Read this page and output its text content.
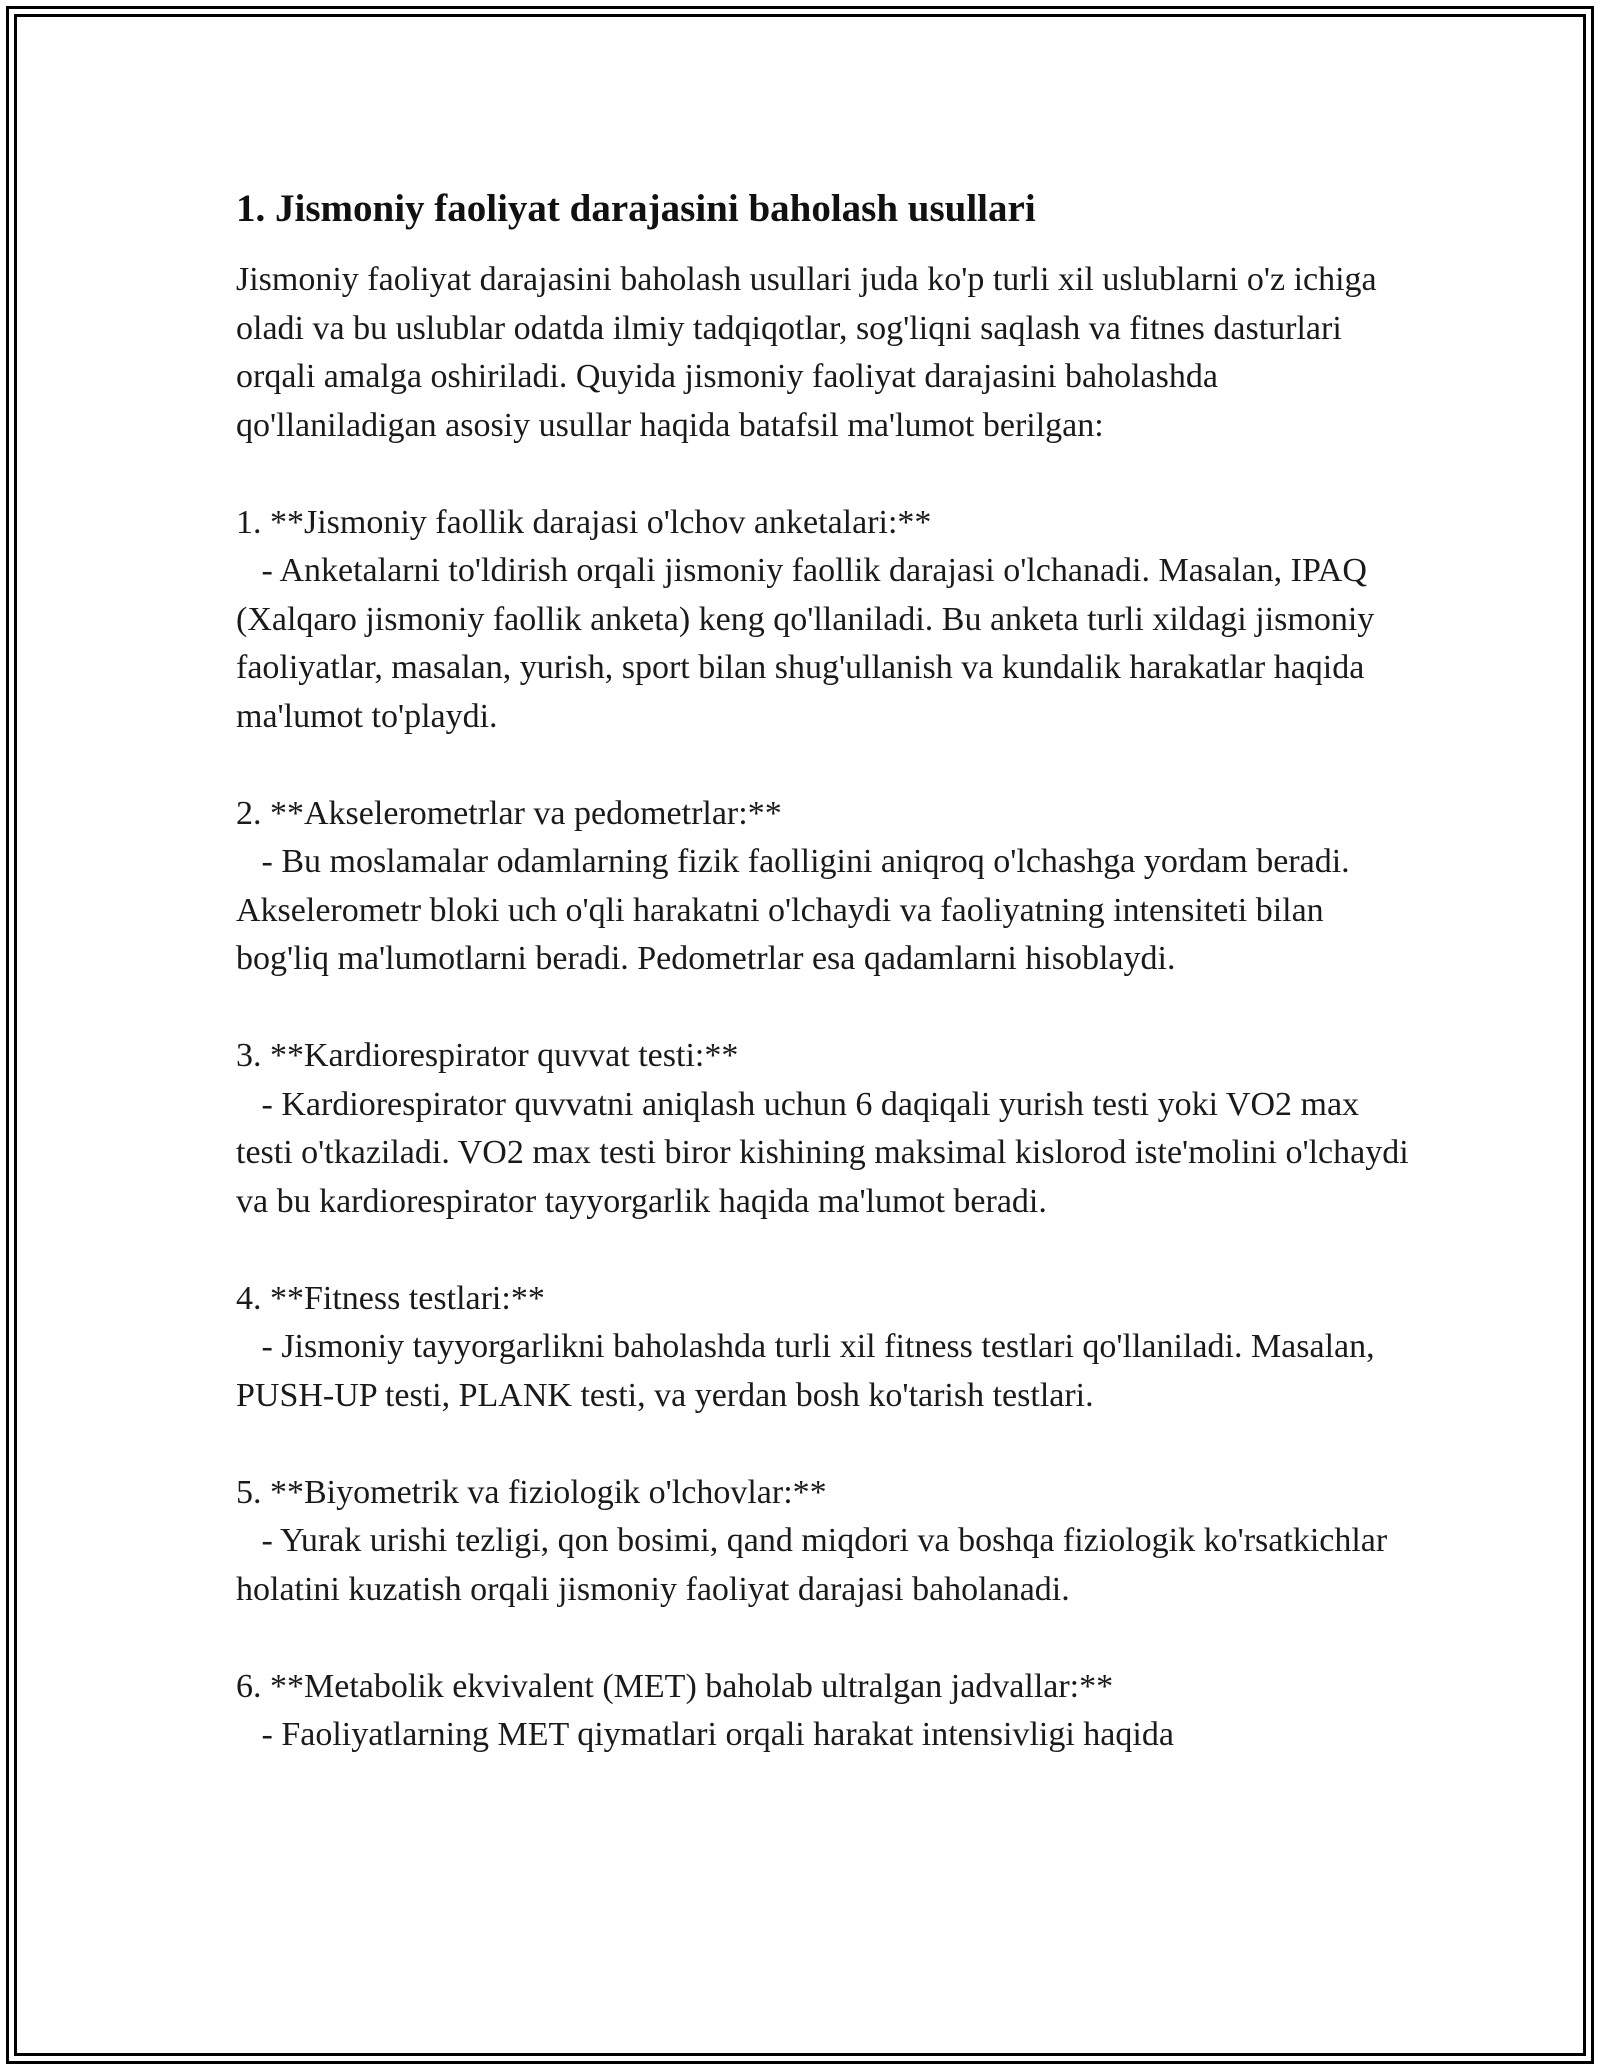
1. Jismoniy faoliyat darajasini baholash usullari

Jismoniy faoliyat darajasini baholash usullari juda ko'p turli xil uslublarni o'z ichiga oladi va bu uslublar odatda ilmiy tadqiqotlar, sog'liqni saqlash va fitnes dasturlari orqali amalga oshiriladi. Quyida jismoniy faoliyat darajasini baholashda qo'llaniladigan asosiy usullar haqida batafsil ma'lumot berilgan:

1. **Jismoniy faollik darajasi o'lchov anketalari:**

- Anketalarni to'ldirish orqali jismoniy faollik darajasi o'lchanadi. Masalan, IPAQ (Xalqaro jismoniy faollik anketa) keng qo'llaniladi. Bu anketa turli xildagi jismoniy faoliyatlar, masalan, yurish, sport bilan shug'ullanish va kundalik harakatlar haqida ma'lumot to'playdi.

2. **Akselerometrlar va pedometrlar:**

- Bu moslamalar odamlarning fizik faolligini aniqroq o'lchashga yordam beradi. Akselerometr bloki uch o'qli harakatni o'lchaydi va faoliyatning intensiteti bilan bog'liq ma'lumotlarni beradi. Pedometrlar esa qadamlarni hisoblaydi.

3. **Kardiorespirator quvvat testi:**

- Kardiorespirator quvvatni aniqlash uchun 6 daqiqali yurish testi yoki VO2 max testi o'tkaziladi. VO2 max testi biror kishining maksimal kislorod iste'molini o'lchaydi va bu kardiorespirator tayyorgarlik haqida ma'lumot beradi.

4. **Fitness testlari:**

- Jismoniy tayyorgarlikni baholashda turli xil fitness testlari qo'llaniladi. Masalan, PUSH-UP testi, PLANK testi, va yerdan bosh ko'tarish testlari.

5. **Biyometrik va fiziologik o'lchovlar:**

- Yurak urishi tezligi, qon bosimi, qand miqdori va boshqa fiziologik ko'rsatkichlar holatini kuzatish orqali jismoniy faoliyat darajasi baholanadi.

6. **Metabolik ekvivalent (MET) baholab ultralgan jadvallar:**

- Faoliyatlarning MET qiymatlari orqali harakat intensivligi haqida
